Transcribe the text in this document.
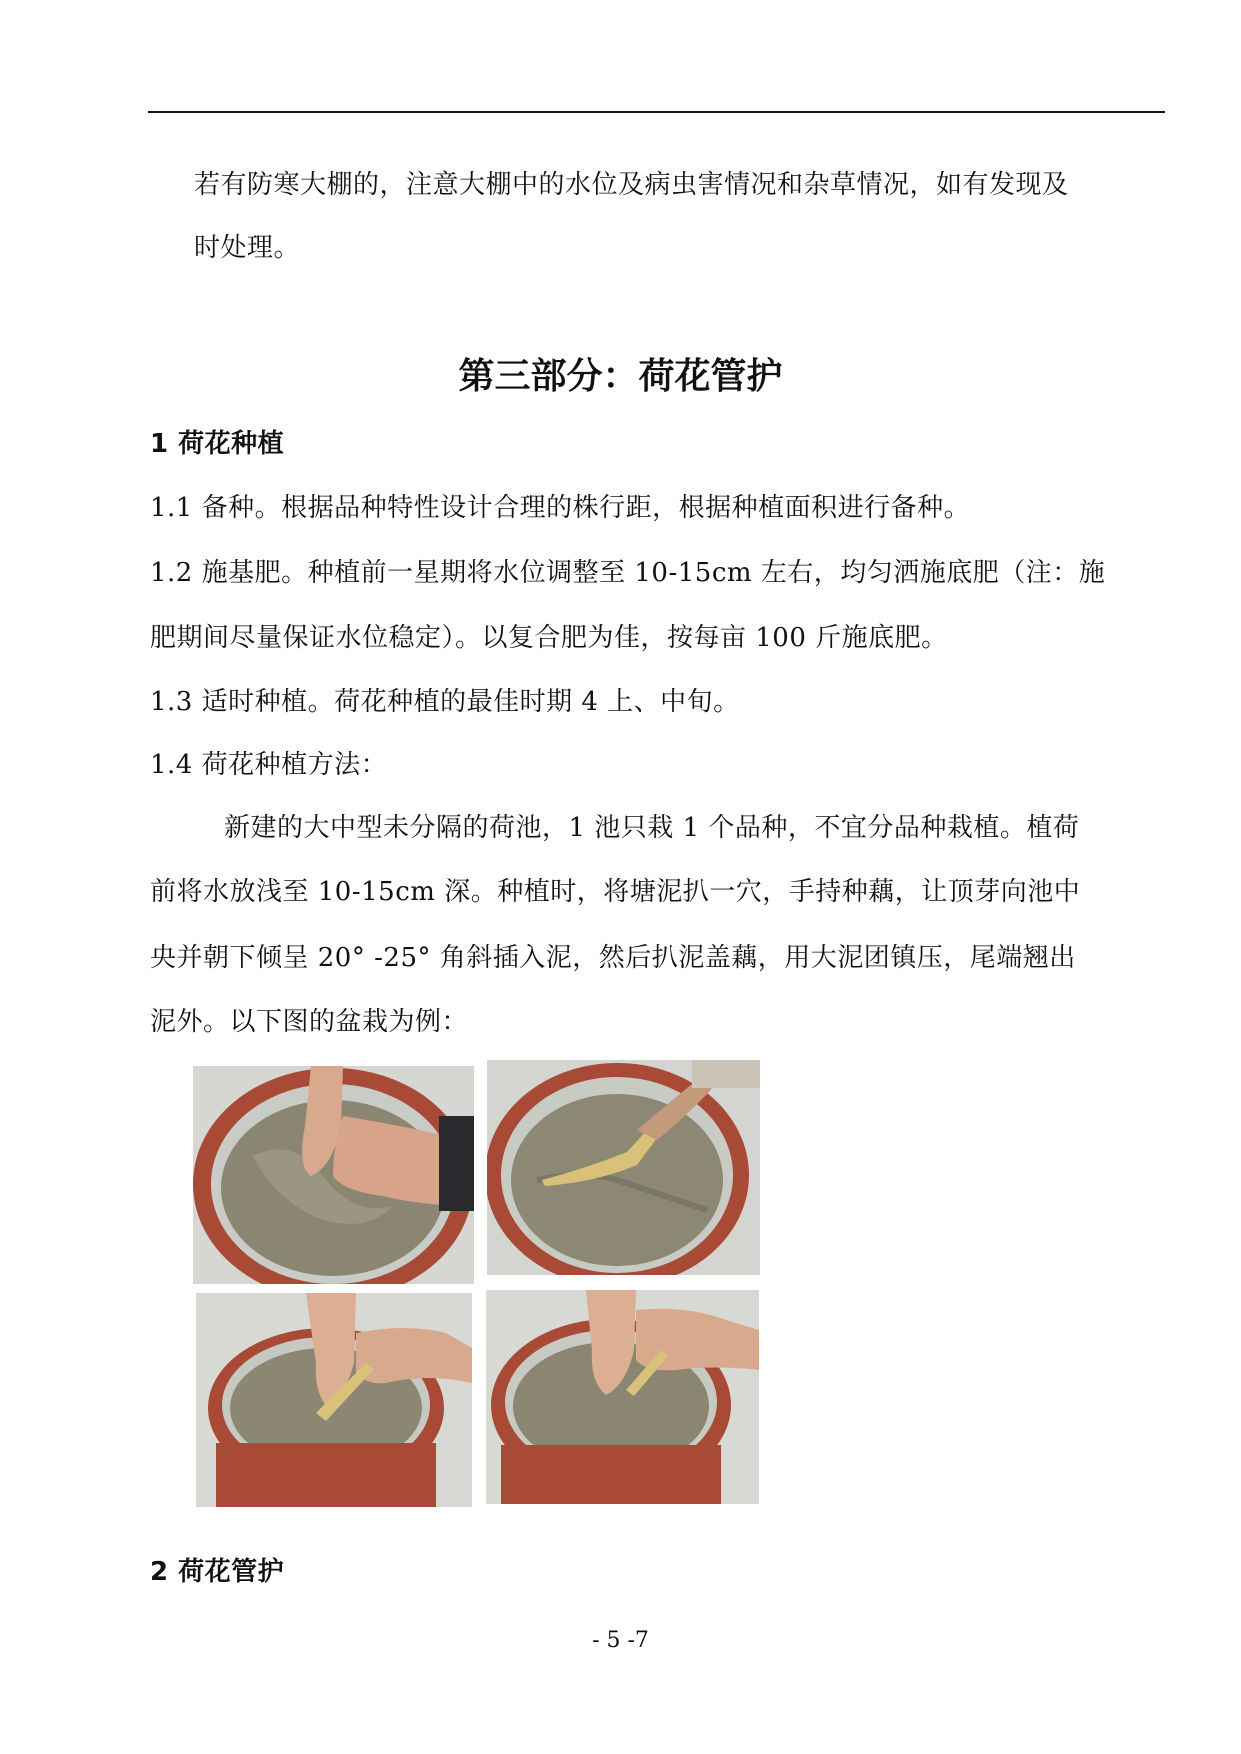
若有防寒大棚的，注意大棚中的水位及病虫害情况和杂草情况，如有发现及
时处理。
第三部分：荷花管护
1 荷花种植
1.1 备种。根据品种特性设计合理的株行距，根据种植面积进行备种。
1.2 施基肥。种植前一星期将水位调整至 10-15cm 左右，均匀洒施底肥（注：施
肥期间尽量保证水位稳定）。以复合肥为佳，按每亩 100 斤施底肥。
1.3 适时种植。荷花种植的最佳时期 4 上、中旬。
1.4 荷花种植方法：
新建的大中型未分隔的荷池，1 池只栽 1 个品种，不宜分品种栽植。植荷
前将水放浅至 10-15cm 深。种植时，将塘泥扒一穴，手持种藕，让顶芽向池中
央并朝下倾呈 20° -25° 角斜插入泥，然后扒泥盖藕，用大泥团镇压，尾端翘出
泥外。以下图的盆栽为例：
2 荷花管护
- 5 -7
